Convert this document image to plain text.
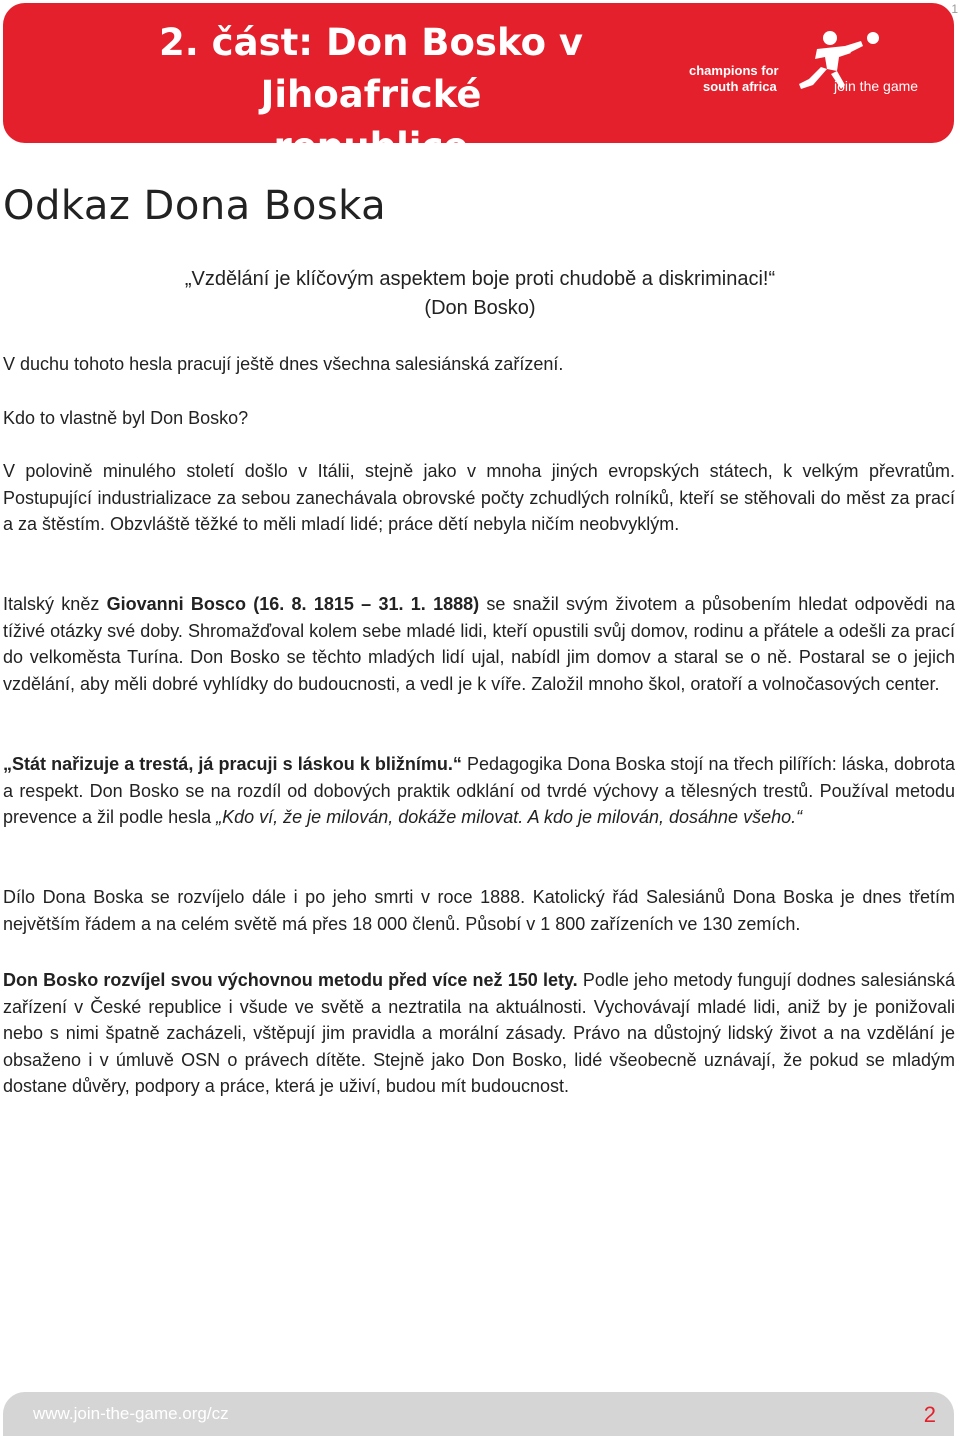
2. část: Don Bosko v Jihoafrické
republice
champions for
south africa	join the game
1
Odkaz Dona Boska
„Vzdělání je klíčovým aspektem boje proti chudobě a diskriminaci!“
(Don Bosko)

V duchu tohoto hesla pracují ještě dnes všechna salesiánská zařízení.

Kdo to vlastně byl Don Bosko?

V polovině minulého století došlo v Itálii, stejně jako v mnoha jiných evropských státech, k velkým převratům. Postupující industrializace za sebou zanechávala obrovské počty zchudlých rolníků, kteří se stěhovali do měst za prací a za štěstím. Obzvláště těžké to měli mladí lidé; práce dětí nebyla ničím neobvyklým.

Italský kněz Giovanni Bosco (16. 8. 1815 – 31. 1. 1888) se snažil svým životem a působením hledat odpovědi na tíživé otázky své doby. Shromažďoval kolem sebe mladé lidi, kteří opustili svůj domov, rodinu a přátele a odešli za prací do velkoměsta Turína. Don Bosko se těchto mladých lidí ujal, nabídl jim domov a staral se o ně. Postaral se o jejich vzdělání, aby měli dobré vyhlídky do budoucnosti, a vedl je k víře. Založil mnoho škol, oratoří a volnočasových center.

„Stát nařizuje a trestá, já pracuji s láskou k bližnímu.“ Pedagogika Dona Boska stojí na třech pilířích: láska, dobrota a respekt. Don Bosko se na rozdíl od dobových praktik odklání od tvrdé výchovy a tělesných trestů. Používal metodu prevence a žil podle hesla „Kdo ví, že je milován, dokáže milovat. A kdo je milován, dosáhne všeho.“

Dílo Dona Boska se rozvíjelo dále i po jeho smrti v roce 1888. Katolický řád Salesiánů Dona Boska je dnes třetím největším řádem a na celém světě má přes 18 000 členů. Působí v 1 800 zařízeních ve 130 zemích.

Don Bosko rozvíjel svou výchovnou metodu před více než 150 lety. Podle jeho metody fungují dodnes salesiánská zařízení v České republice i všude ve světě a neztratila na aktuálnosti. Vychovávají mladé lidi, aniž by je ponižovali nebo s nimi špatně zacházeli, vštěpují jim pravidla a morální zásady. Právo na důstojný lidský život a na vzdělání je obsaženo i v úmluvě OSN o právech dítěte. Stejně jako Don Bosko, lidé všeobecně uznávají, že pokud se mladým dostane důvěry, podpory a práce, která je uživí, budou mít budoucnost.

www.join-the-game.org/cz	2
